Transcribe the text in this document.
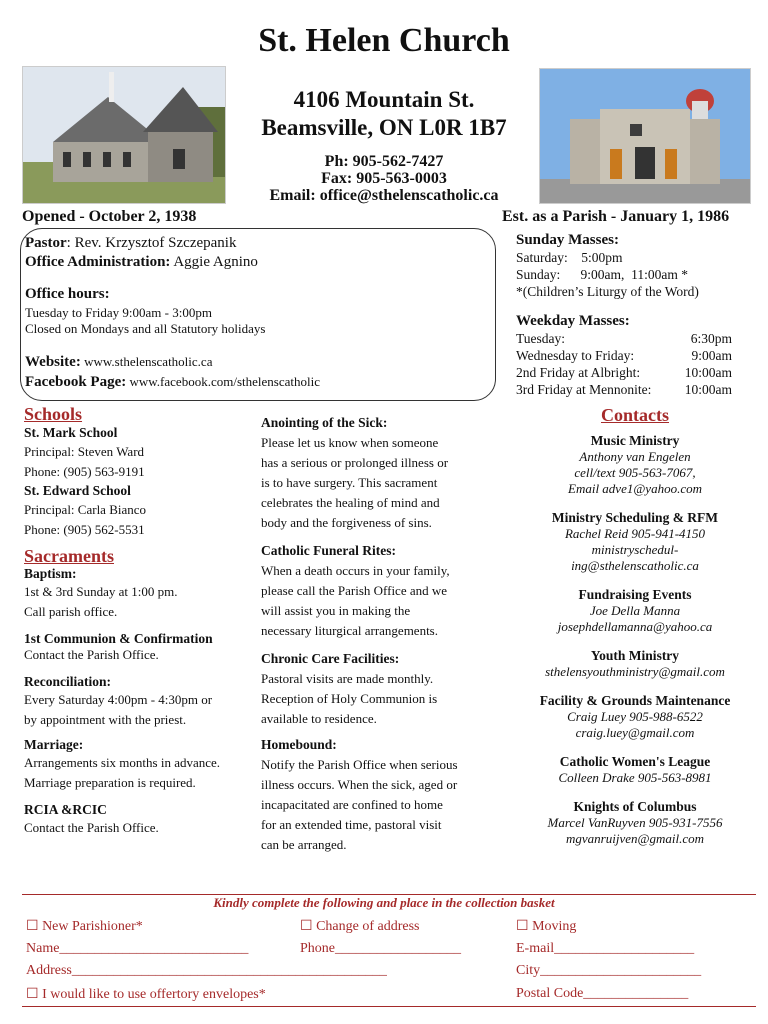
St. Helen Church
4106 Mountain St.
Beamsville, ON L0R 1B7
Ph: 905-562-7427
Fax: 905-563-0003
Email: office@sthelenscatholic.ca
Opened - October 2, 1938	Est. as a Parish - January 1, 1986
Pastor: Rev. Krzysztof Szczepanik
Office Administration: Aggie Agnino
Office hours:
Tuesday to Friday 9:00am - 3:00pm
Closed on Mondays and all Statutory holidays
Website: www.sthelenscatholic.ca
Facebook Page: www.facebook.com/sthelenscatholic
Sunday Masses:
Saturday:    5:00pm
Sunday:      9:00am,  11:00am *
*(Children’s Liturgy of the Word)
Weekday Masses:
Tuesday:	6:30pm
Wednesday to Friday:	9:00am
2nd Friday at Albright:	10:00am
3rd Friday at Mennonite: 10:00am
Schools
St. Mark School
Principal: Steven Ward
Phone: (905) 563-9191
St. Edward School
Principal: Carla Bianco
Phone: (905) 562-5531
Sacraments
Baptism:
1st & 3rd Sunday at 1:00 pm.
Call parish office.
1st Communion & Confirmation
Contact the Parish Office.
Reconciliation:
Every Saturday 4:00pm - 4:30pm or
by appointment with the priest.
Marriage:
Arrangements six months in advance.
Marriage preparation is required.
RCIA &RCIC
Contact the Parish Office.
Anointing of the Sick:
Please let us know when someone
has a serious or prolonged illness or
is to have surgery. This sacrament
celebrates the healing of mind and
body and the forgiveness of sins.
Catholic Funeral Rites:
When a death occurs in your family,
please call the Parish Office and we
will assist you in making the
necessary liturgical arrangements.
Chronic Care Facilities:
Pastoral visits are made monthly.
Reception of Holy Communion is
available to residence.
Homebound:
Notify the Parish Office when serious
illness occurs. When the sick, aged or
incapacitated are confined to home
for an extended time, pastoral visit
can be arranged.
Contacts
Music Ministry
Anthony van Engelen
cell/text 905-563-7067,
Email adve1@yahoo.com
Ministry Scheduling & RFM
Rachel Reid 905-941-4150
ministryschedul-
ing@sthelenscatholic.ca
Fundraising Events
Joe Della Manna
josephdellamanna@yahoo.ca
Youth Ministry
sthelensyouthministry@gmail.com
Facility & Grounds Maintenance
Craig Luey 905-988-6522
craig.luey@gmail.com
Catholic Women's League
Colleen Drake 905-563-8981
Knights of Columbus
Marcel VanRuyven 905-931-7556
mgvanruijven@gmail.com
Kindly complete the following and place in the collection basket
☐ New Parishioner*	☐ Change of address	☐ Moving
Name___________________________	Phone__________________	E-mail____________________
Address_____________________________________________	City_______________________
☐ I would like to use offertory envelopes*	Postal Code_______________
